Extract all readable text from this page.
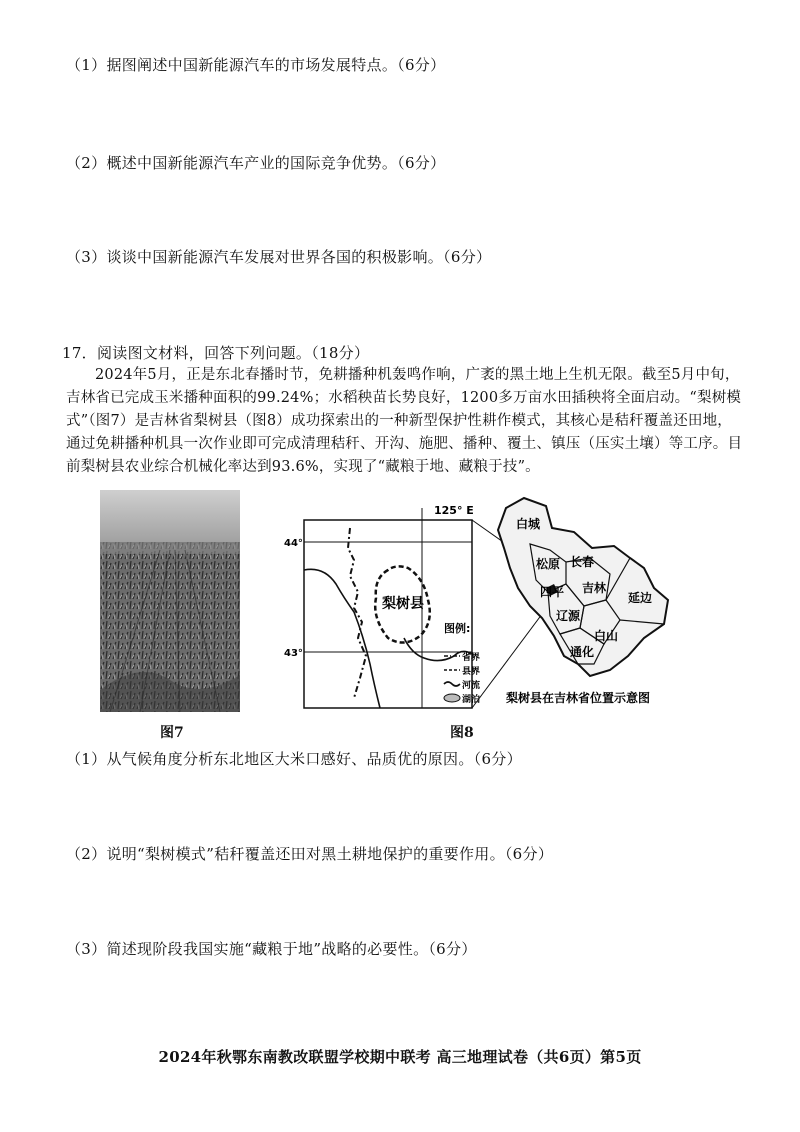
（1）据图阐述中国新能源汽车的市场发展特点。（6分）
（2）概述中国新能源汽车产业的国际竞争优势。（6分）
（3）谈谈中国新能源汽车发展对世界各国的积极影响。（6分）
17．阅读图文材料，回答下列问题。（18分）

2024年5月，正是东北春播时节，免耕播种机轰鸣作响，广袤的黑土地上生机无限。截至5月中旬，吉林省已完成玉米播种面积的99.24%；水稻秧苗长势良好，1200多万亩水田插秧将全面启动。“梨树模式”（图7）是吉林省梨树县（图8）成功探索出的一种新型保护性耕作模式，其核心是秸秆覆盖还田地，通过免耕播种机具一次作业即可完成清理秸秆、开沟、施肥、播种、覆土、镇压（压实土壤）等工序。目前梨树县农业综合机械化率达到93.6%，实现了“藏粮于地、藏粮于技”。

图7
125° E
44°
43°
梨树县
图例:
省界
县界
河流
湖泊
白城
松原 长春
四平 吉林
辽源
延边
白山
通化
梨树县在吉林省位置示意图
图8
（1）从气候角度分析东北地区大米口感好、品质优的原因。（6分）
（2）说明“梨树模式”秸秆覆盖还田对黑土耕地保护的重要作用。（6分）
（3）简述现阶段我国实施“藏粮于地”战略的必要性。（6分）
2024年秋鄂东南教改联盟学校期中联考 高三地理试卷（共6页）第5页
